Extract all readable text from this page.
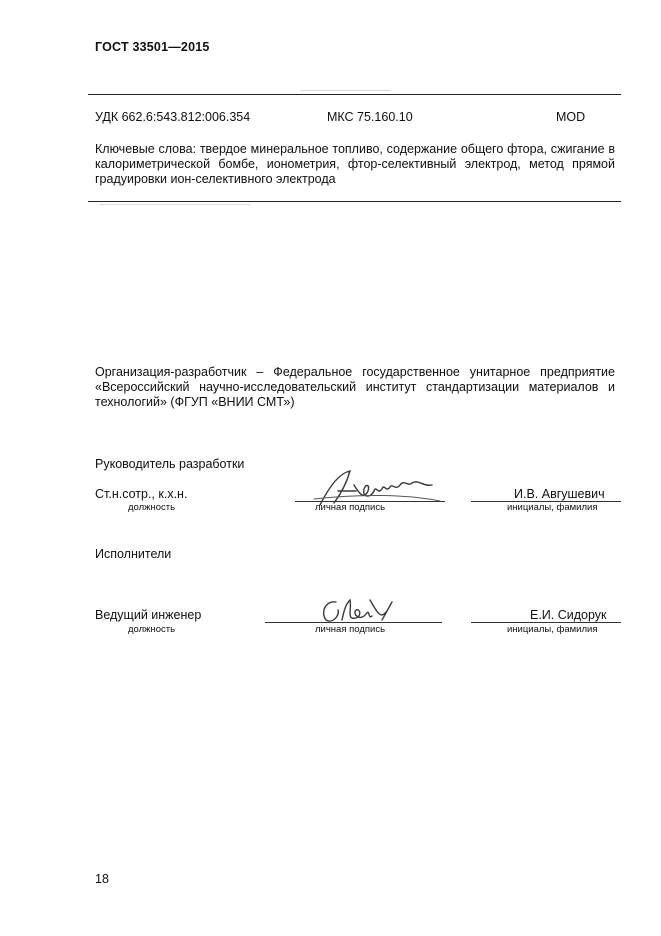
ГОСТ 33501—2015
УДК 662.6:543.812:006.354	МКС 75.160.10	MOD

Ключевые слова: твердое минеральное топливо, содержание общего фтора, сжигание в калориметрической бомбе, ионометрия, фтор-селективный электрод, метод прямой градуировки ион-селективного электрода

Организация-разработчик – Федеральное государственное унитарное предприятие «Всероссийский научно-исследовательский институт стандартизации материалов и технологий» (ФГУП «ВНИИ СМТ»)

Руководитель разработки
Ст.н.сотр., к.х.н.	И.В. Авгушевич
должность	личная подпись	инициалы, фамилия
Исполнители
Ведущий инженер	Е.И. Сидорук
должность	личная подпись	инициалы, фамилия
18
